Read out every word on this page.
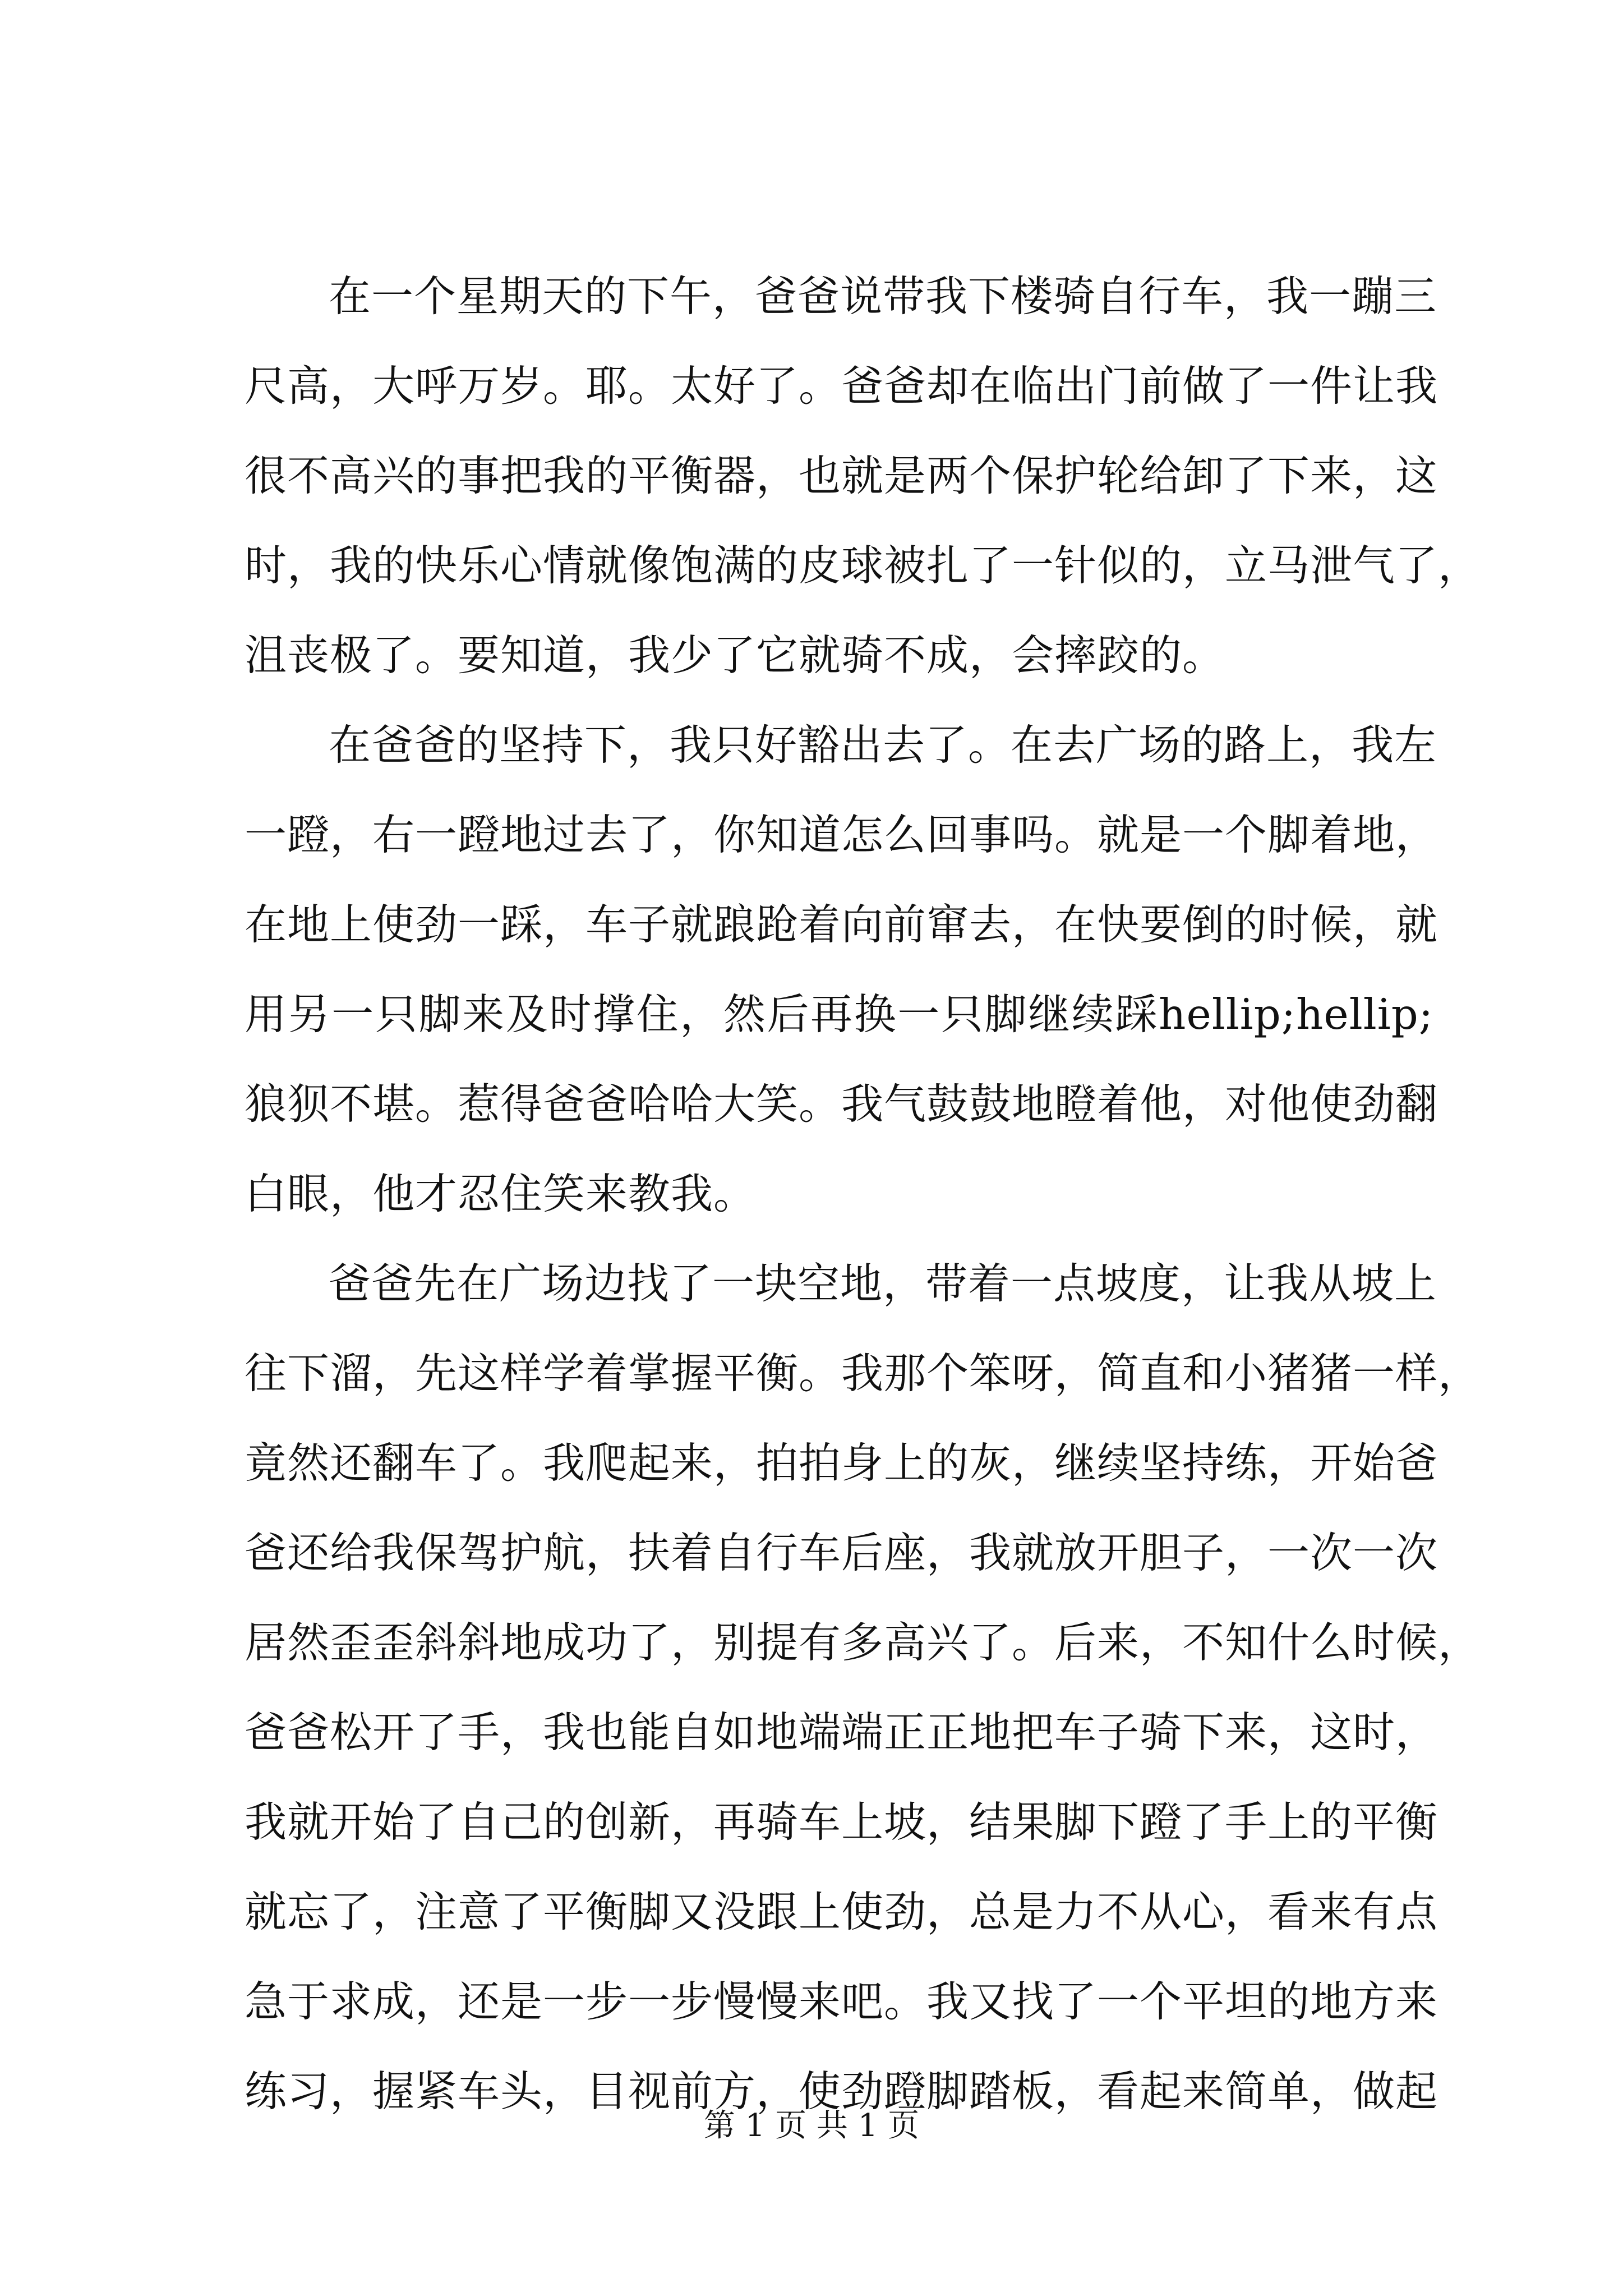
在一个星期天的下午，爸爸说带我下楼骑自行车，我一蹦三
尺高，大呼万岁。耶。太好了。爸爸却在临出门前做了一件让我
很不高兴的事把我的平衡器，也就是两个保护轮给卸了下来，这
时，我的快乐心情就像饱满的皮球被扎了一针似的，立马泄气了，
沮丧极了。要知道，我少了它就骑不成，会摔跤的。
在爸爸的坚持下，我只好豁出去了。在去广场的路上，我左
一蹬，右一蹬地过去了，你知道怎么回事吗。就是一个脚着地，
在地上使劲一踩，车子就踉跄着向前窜去，在快要倒的时候，就
用另一只脚来及时撑住，然后再换一只脚继续踩hellip;hellip;
狼狈不堪。惹得爸爸哈哈大笑。我气鼓鼓地瞪着他，对他使劲翻
白眼，他才忍住笑来教我。
爸爸先在广场边找了一块空地，带着一点坡度，让我从坡上
往下溜，先这样学着掌握平衡。我那个笨呀，简直和小猪猪一样，
竟然还翻车了。我爬起来，拍拍身上的灰，继续坚持练，开始爸
爸还给我保驾护航，扶着自行车后座，我就放开胆子，一次一次
居然歪歪斜斜地成功了，别提有多高兴了。后来，不知什么时候，
爸爸松开了手，我也能自如地端端正正地把车子骑下来，这时，
我就开始了自己的创新，再骑车上坡，结果脚下蹬了手上的平衡
就忘了，注意了平衡脚又没跟上使劲，总是力不从心，看来有点
急于求成，还是一步一步慢慢来吧。我又找了一个平坦的地方来
练习，握紧车头，目视前方，使劲蹬脚踏板，看起来简单，做起
第 1 页 共 1 页
